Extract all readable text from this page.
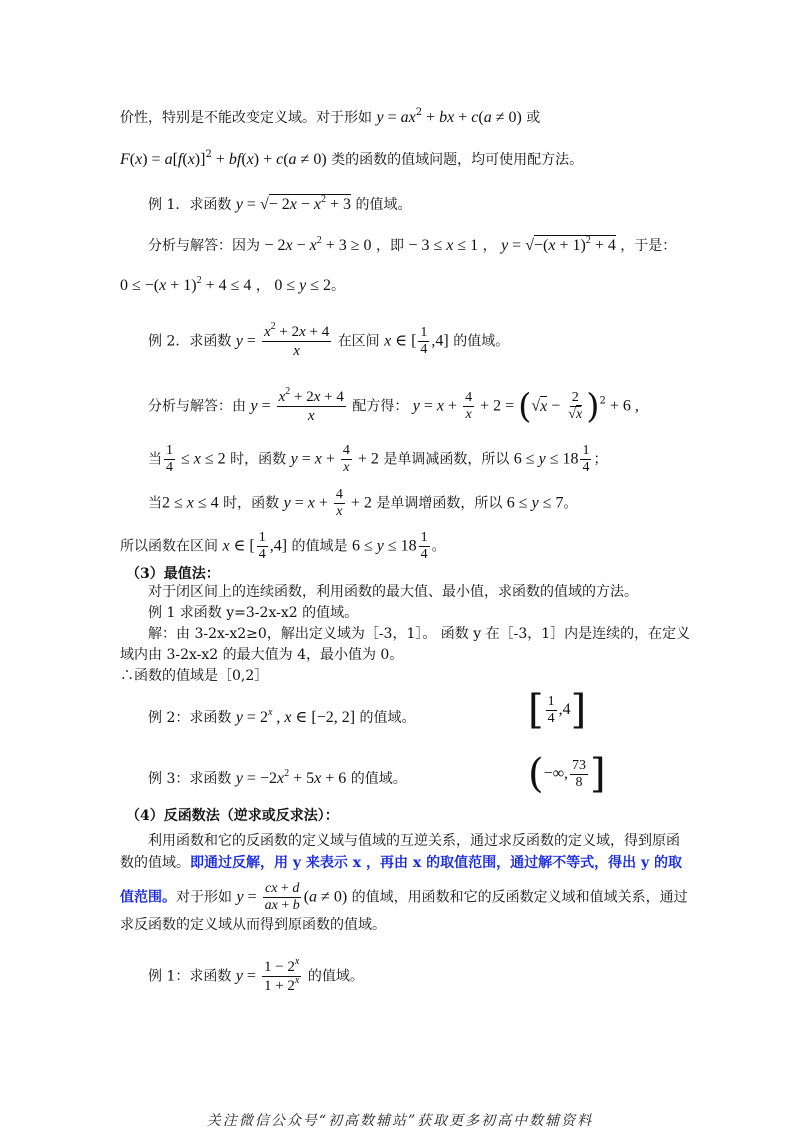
价性，特别是不能改变定义域。对于形如 $y = ax^2$ + bx + c(a ≠ 0) 或
$F(x) = a[f(x)]^2 + bf(x) + c(a \ne 0)$ 类的函数的值域问题，均可使用配方法。
例 1．求函数 y = √− $2x - x^2 + 3$ 的值域。
分析与解答：因为 − $2x - x^2 + 3 \ge 0$ ，即 − 3 ≤ x ≤ 1 ， $y = √-(x + 1)^2 + 4$ ，于是：
$0 \le -(x + 1)^2 + 4 \le 4$ ， 0 ≤ y ≤ 2。
例 2．求函数 $y = \frac{x^2 + 2x + 4}{x}$ 在区间 x ∈ [ $\frac{1}{4} ,4$] 的值域。
分析与解答：由 $y = \frac{x^2 + 2x + 4}{x}$ 配方得： $y = x + \frac{4}{x} + 2 = (√x - \frac{2}{√x} )^2 + 6$ ,
当 $\frac{1}{4} \le x \le 2$ 时，函数 $y = x + \frac{4}{x} + 2$ 是单调减函数，所以 $6 \le y \le 18 \frac{1}{4}$ ；
当2 ≤ x ≤ 4 时，函数 $y = x + \frac{4}{x} + 2$ 是单调增函数，所以 6 ≤ y ≤ 7。
所以函数在区间 x ∈ [ $\frac{1}{4} ,4$] 的值域是 $6 \le y \le 18 \frac{1}{4}$ 。
（3）最值法：
对于闭区间上的连续函数，利用函数的最大值、最小值，求函数的值域的方法。
例 1 求函数 y=3-2x-x2 的值域。
解：由 3-2x-x2≥0，解出定义域为［-3，1］。 函数 y 在［-3，1］内是连续的，在定义
域内由 3-2x-x2 的最大值为 4，最小值为 0。
∴函数的值域是［0,2］
例 2：求函数 $y = 2^x$ , x ∈ [−2, 2] 的值域。	[ $\frac{1}{4} ,4$ ]
例 3：求函数 $y = -2x^2 + 5x + 6$ 的值域。	( −∞, $\frac{73}{8}$ ]
（4）反函数法（逆求或反求法）：
利用函数和它的反函数的定义域与值域的互逆关系，通过求反函数的定义域，得到原函
数的值域。即通过反解，用 y 来表示 x ，再由 x 的取值范围，通过解不等式，得出 y 的取
值范围。对于形如 $y = \frac{cx + d}{ax + b} (a \ne 0)$ 的值域，用函数和它的反函数定义域和值域关系，通过
求反函数的定义域从而得到原函数的值域。
例 1：求函数 $y = \frac{1 - 2^x}{1 + 2^x}$ 的值域。
关注微信公众号“初高数辅站”获取更多初高中数辅资料
